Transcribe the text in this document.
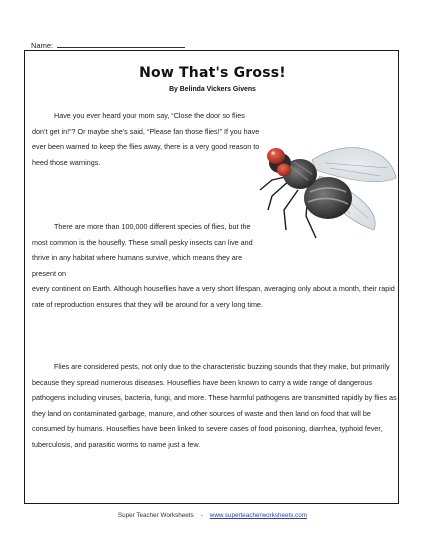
Name:
Now That's Gross!
By Belinda Vickers Givens
Have you ever heard your mom say, “Close the door so flies don’t get in!”? Or maybe she’s said, “Please fan those flies!” If you have ever been warned to keep the flies away, there is a very good reason to heed those warnings.
There are more than 100,000 different species of flies, but the most common is the housefly. These small pesky insects can live and thrive in any habitat where humans survive, which means they are present on
every continent on Earth. Although houseflies have a very short lifespan, averaging only about a month, their rapid rate of reproduction ensures that they will be around for a very long time.
Flies are considered pests, not only due to the characteristic buzzing sounds that they make, but primarily because they spread numerous diseases. Houseflies have been known to carry a wide range of dangerous pathogens including viruses, bacteria, fungi, and more. These harmful pathogens are transmitted rapidly by flies as they land on contaminated garbage, manure, and other sources of waste and then land on food that will be consumed by humans. Houseflies have been linked to severe cases of food poisoning, diarrhea, typhoid fever, tuberculosis, and parasitic worms to name just a few.
Super Teacher Worksheets - www.superteacherworksheets.com
